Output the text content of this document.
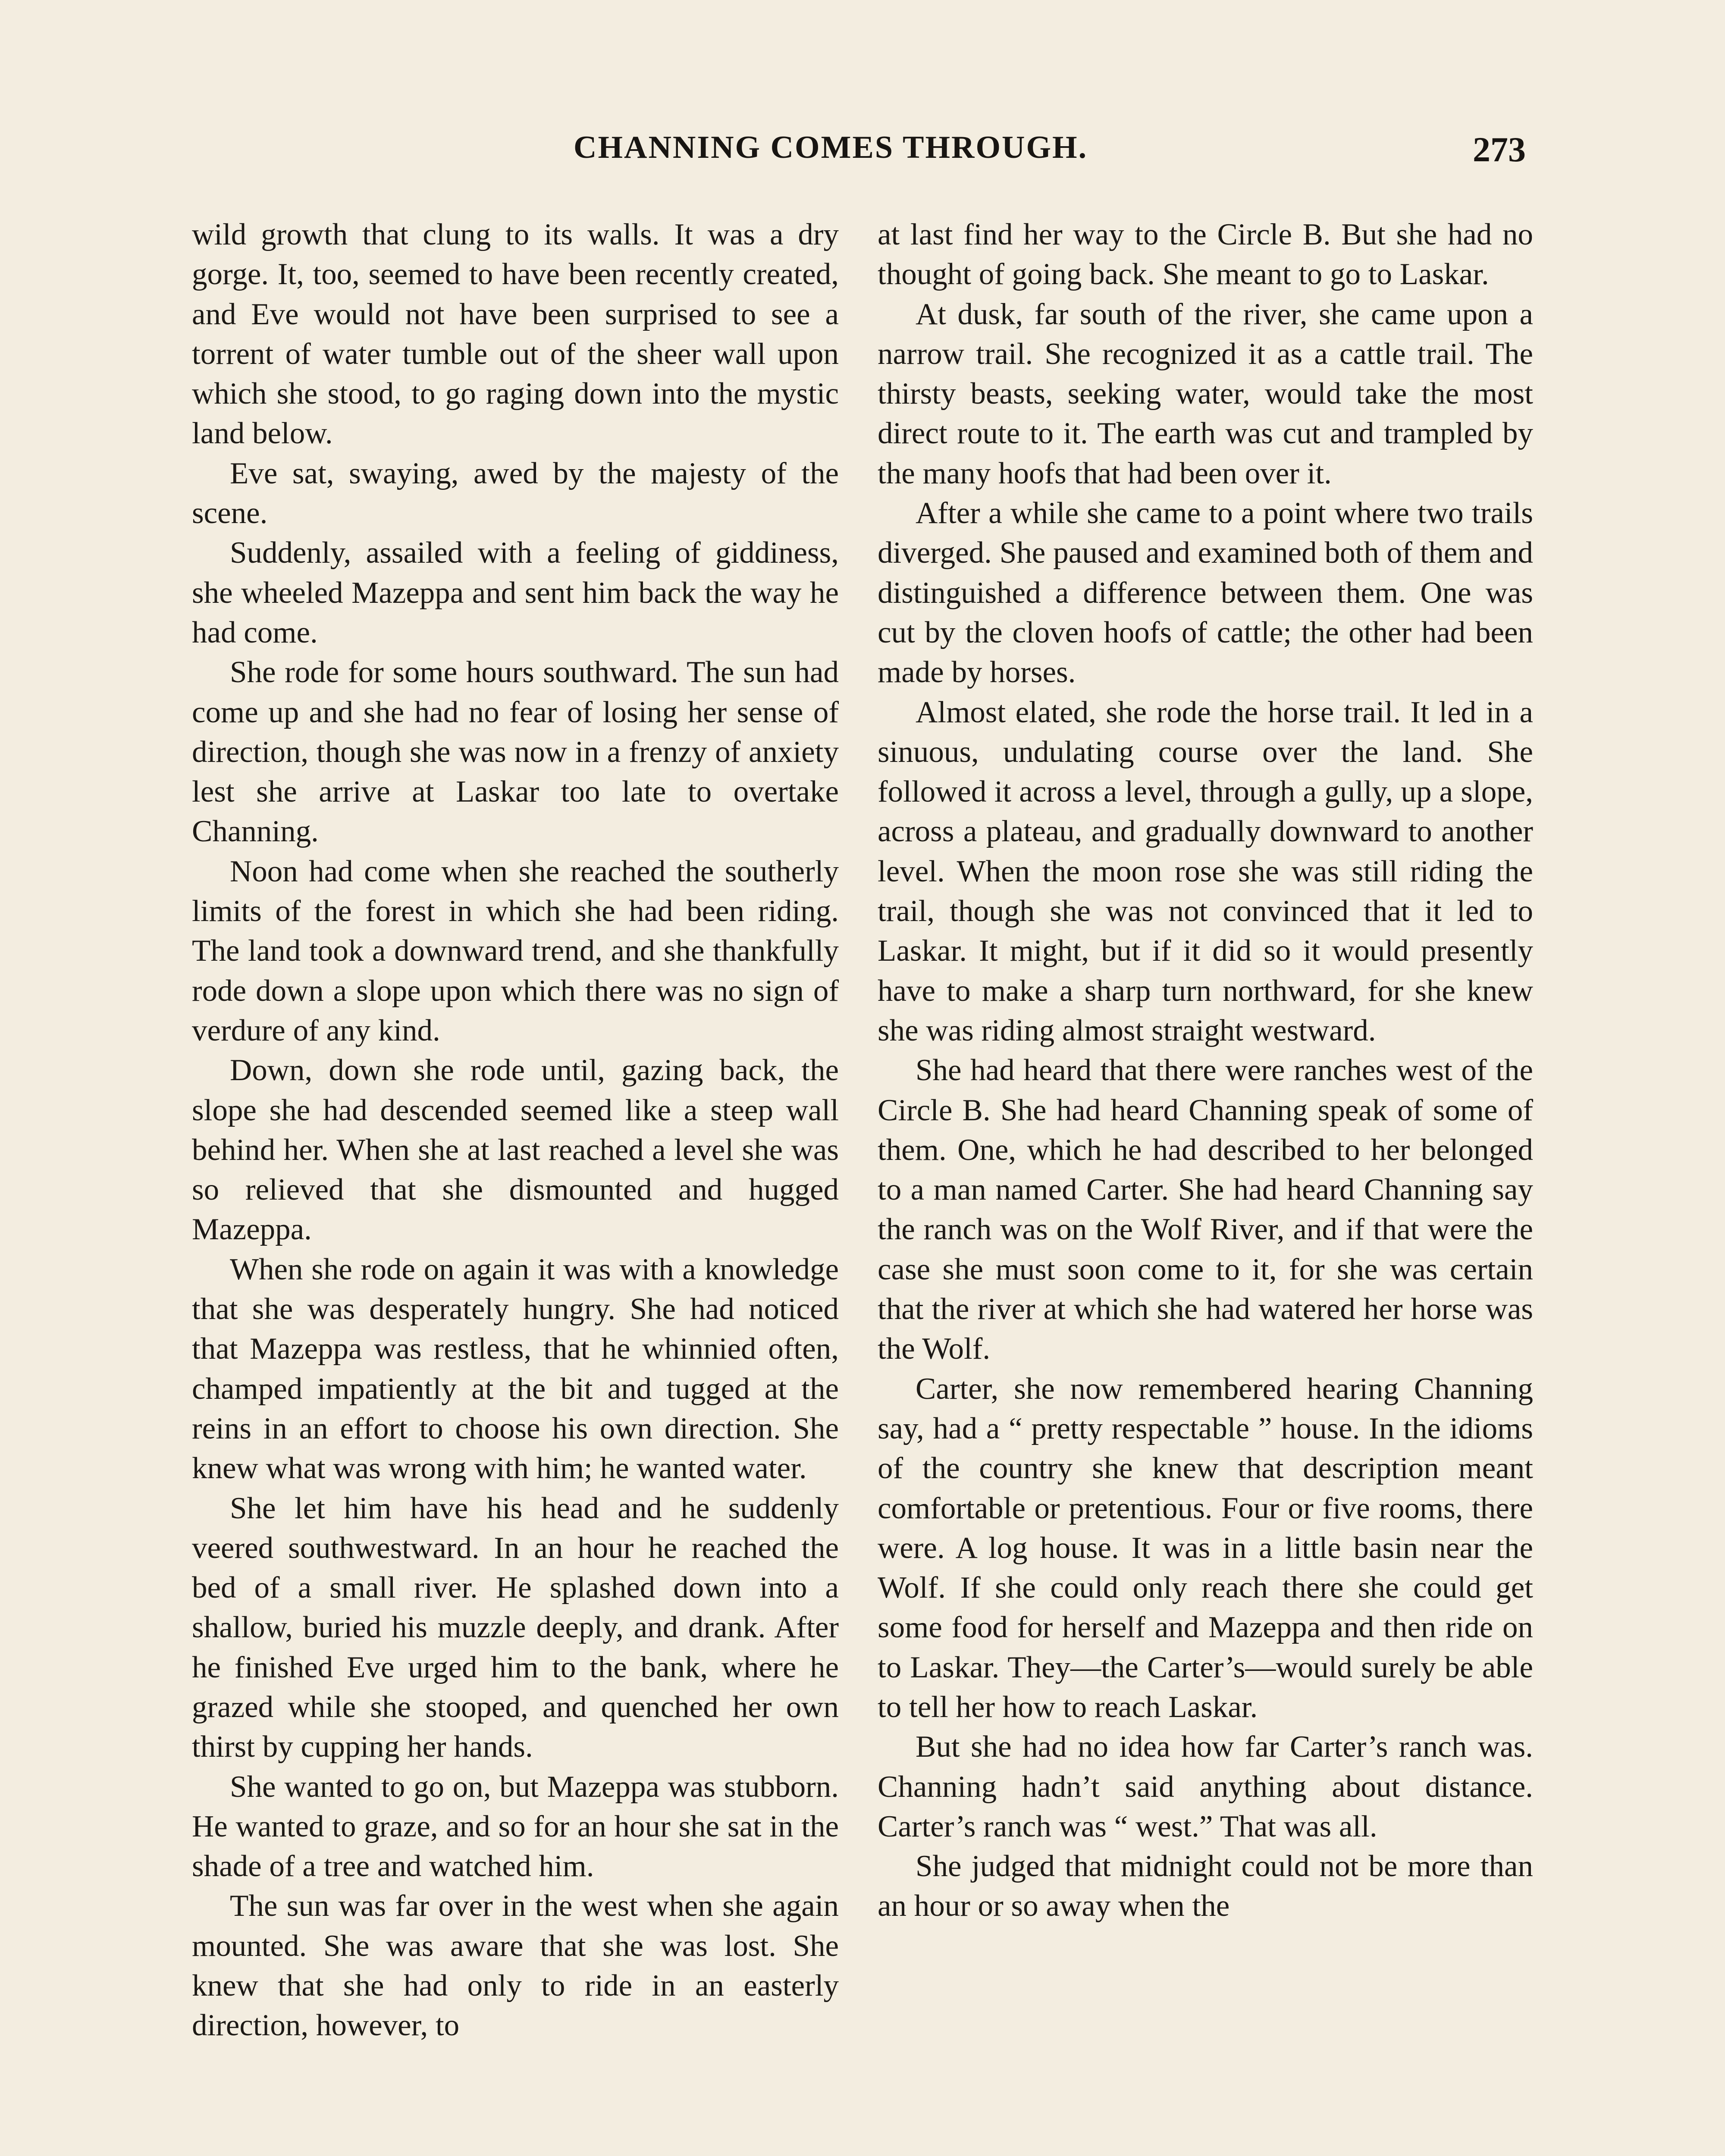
CHANNING COMES THROUGH.	273

wild growth that clung to its walls. It was a dry gorge. It, too, seemed to have been recently created, and Eve would not have been surprised to see a torrent of water tumble out of the sheer wall upon which she stood, to go raging down into the mystic land below.

Eve sat, swaying, awed by the majesty of the scene.

Suddenly, assailed with a feeling of giddiness, she wheeled Mazeppa and sent him back the way he had come.

She rode for some hours southward. The sun had come up and she had no fear of losing her sense of direction, though she was now in a frenzy of anxiety lest she arrive at Laskar too late to overtake Channing.

Noon had come when she reached the southerly limits of the forest in which she had been riding. The land took a downward trend, and she thankfully rode down a slope upon which there was no sign of verdure of any kind.

Down, down she rode until, gazing back, the slope she had descended seemed like a steep wall behind her. When she at last reached a level she was so relieved that she dismounted and hugged Mazeppa.

When she rode on again it was with a knowledge that she was desperately hungry. She had noticed that Mazeppa was restless, that he whinnied often, champed impatiently at the bit and tugged at the reins in an effort to choose his own direction. She knew what was wrong with him; he wanted water.

She let him have his head and he suddenly veered southwestward. In an hour he reached the bed of a small river. He splashed down into a shallow, buried his muzzle deeply, and drank. After he finished Eve urged him to the bank, where he grazed while she stooped, and quenched her own thirst by cupping her hands.

She wanted to go on, but Mazeppa was stubborn. He wanted to graze, and so for an hour she sat in the shade of a tree and watched him.

The sun was far over in the west when she again mounted. She was aware that she was lost. She knew that she had only to ride in an easterly direction, however, to

at last find her way to the Circle B. But she had no thought of going back. She meant to go to Laskar.

At dusk, far south of the river, she came upon a narrow trail. She recognized it as a cattle trail. The thirsty beasts, seeking water, would take the most direct route to it. The earth was cut and trampled by the many hoofs that had been over it.

After a while she came to a point where two trails diverged. She paused and examined both of them and distinguished a difference between them. One was cut by the cloven hoofs of cattle; the other had been made by horses.

Almost elated, she rode the horse trail. It led in a sinuous, undulating course over the land. She followed it across a level, through a gully, up a slope, across a plateau, and gradually downward to another level. When the moon rose she was still riding the trail, though she was not convinced that it led to Laskar. It might, but if it did so it would presently have to make a sharp turn northward, for she knew she was riding almost straight westward.

She had heard that there were ranches west of the Circle B. She had heard Channing speak of some of them. One, which he had described to her belonged to a man named Carter. She had heard Channing say the ranch was on the Wolf River, and if that were the case she must soon come to it, for she was certain that the river at which she had watered her horse was the Wolf.

Carter, she now remembered hearing Channing say, had a “ pretty respectable ” house. In the idioms of the country she knew that description meant comfortable or pretentious. Four or five rooms, there were. A log house. It was in a little basin near the Wolf. If she could only reach there she could get some food for herself and Mazeppa and then ride on to Laskar. They—the Carter’s—would surely be able to tell her how to reach Laskar.

But she had no idea how far Carter’s ranch was. Channing hadn’t said anything about distance. Carter’s ranch was “ west.” That was all.

She judged that midnight could not be more than an hour or so away when the
